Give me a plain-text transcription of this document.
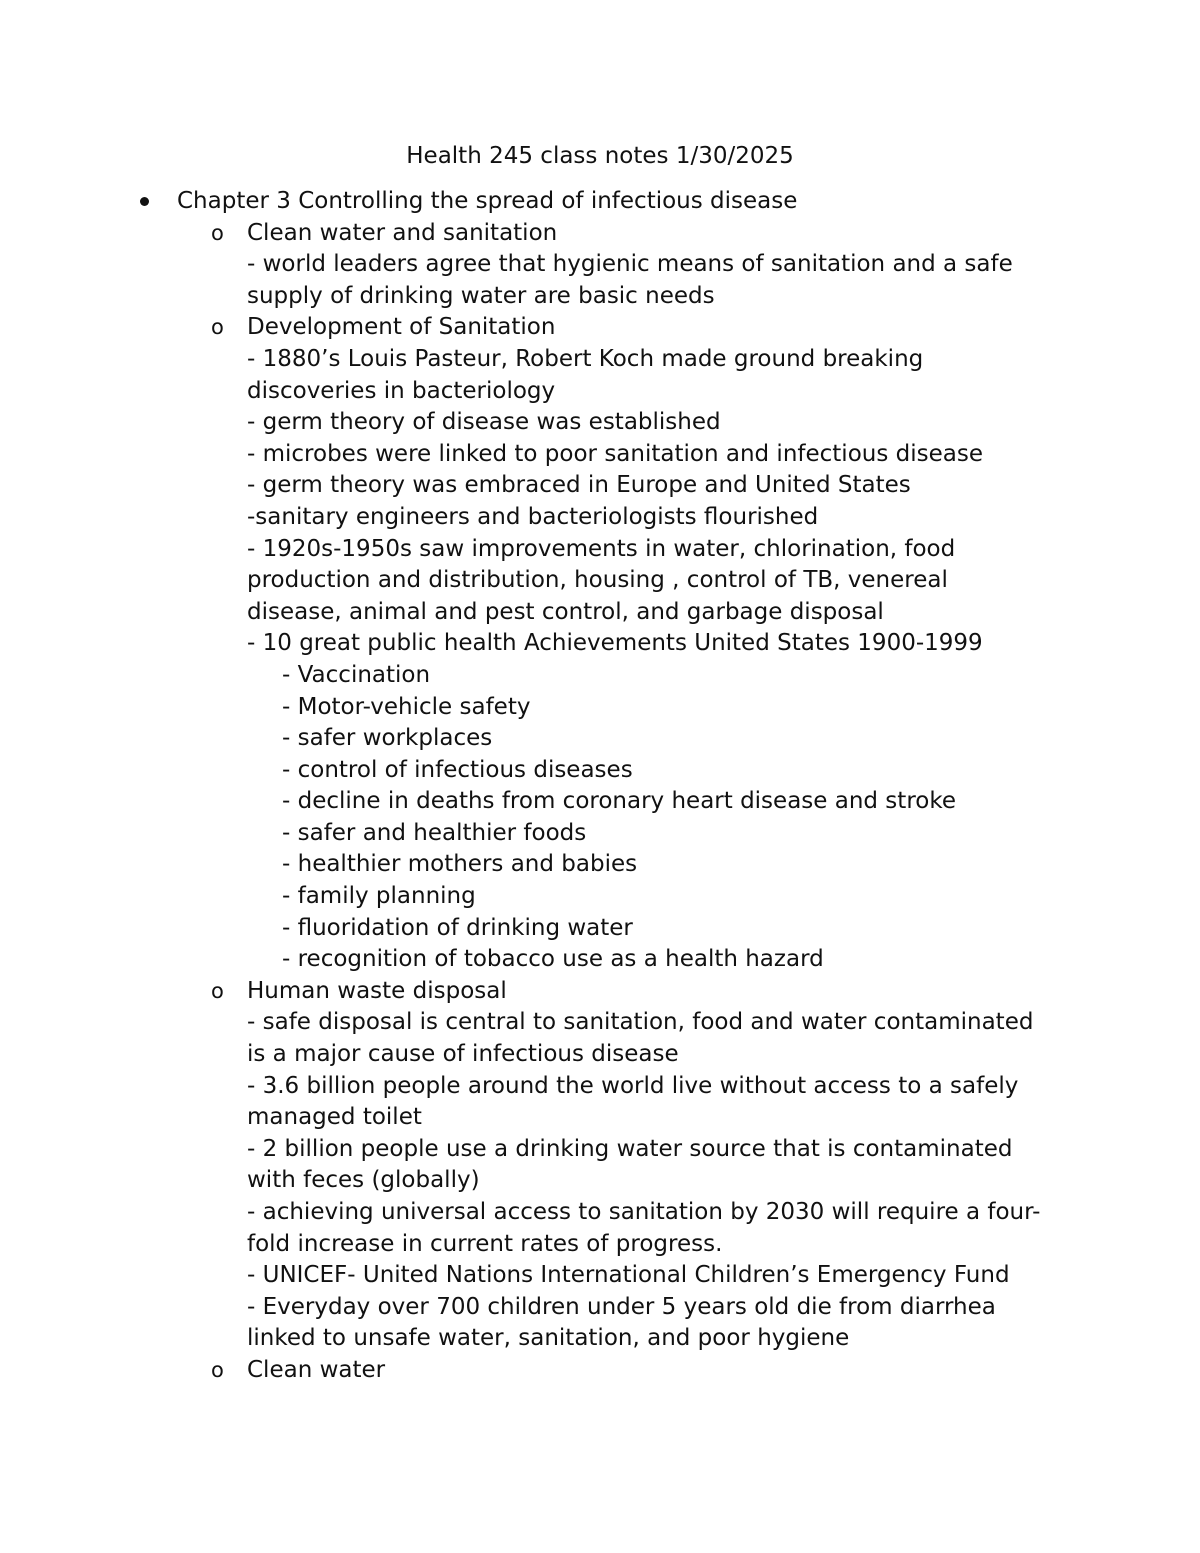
Health 245 class notes 1/30/2025
Chapter 3 Controlling the spread of infectious disease
o Clean water and sanitation
- world leaders agree that hygienic means of sanitation and a safe
supply of drinking water are basic needs
o Development of Sanitation
- 1880’s Louis Pasteur, Robert Koch made ground breaking
discoveries in bacteriology
- germ theory of disease was established
- microbes were linked to poor sanitation and infectious disease
- germ theory was embraced in Europe and United States
-sanitary engineers and bacteriologists flourished
- 1920s-1950s saw improvements in water, chlorination, food
production and distribution, housing , control of TB, venereal
disease, animal and pest control, and garbage disposal
- 10 great public health Achievements United States 1900-1999
- Vaccination
- Motor-vehicle safety
- safer workplaces
- control of infectious diseases
- decline in deaths from coronary heart disease and stroke
- safer and healthier foods
- healthier mothers and babies
- family planning
- fluoridation of drinking water
- recognition of tobacco use as a health hazard
o Human waste disposal
- safe disposal is central to sanitation, food and water contaminated
is a major cause of infectious disease
- 3.6 billion people around the world live without access to a safely
managed toilet
- 2 billion people use a drinking water source that is contaminated
with feces (globally)
- achieving universal access to sanitation by 2030 will require a four-
fold increase in current rates of progress.
- UNICEF- United Nations International Children’s Emergency Fund
- Everyday over 700 children under 5 years old die from diarrhea
linked to unsafe water, sanitation, and poor hygiene
o Clean water
